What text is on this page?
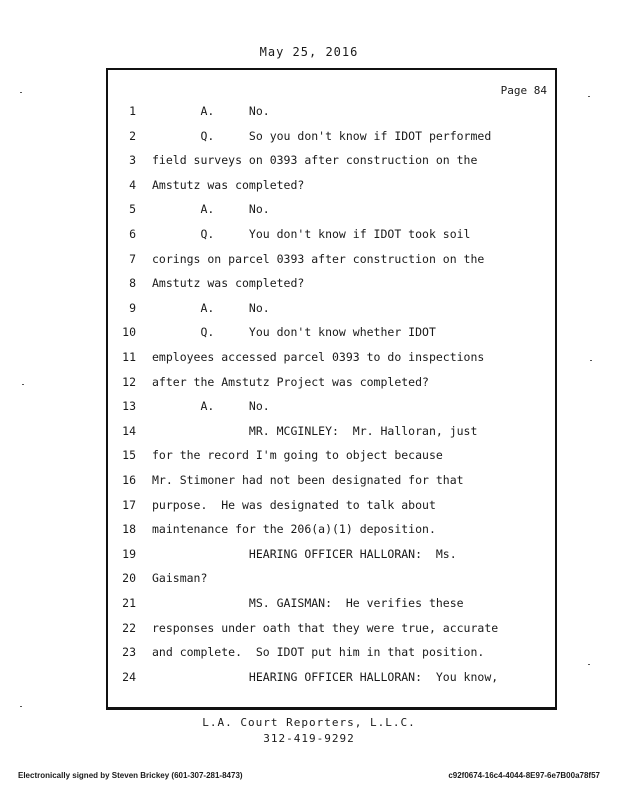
May 25, 2016
Page 84
1 A.     No.
2 Q.     So you don't know if IDOT performed
3 field surveys on 0393 after construction on the
4 Amstutz was completed?
5 A.     No.
6 Q.     You don't know if IDOT took soil
7 corings on parcel 0393 after construction on the
8 Amstutz was completed?
9 A.     No.
10 Q.     You don't know whether IDOT
11 employees accessed parcel 0393 to do inspections
12 after the Amstutz Project was completed?
13 A.     No.
14 MR. MCGINLEY:  Mr. Halloran, just
15 for the record I'm going to object because
16 Mr. Stimoner had not been designated for that
17 purpose.  He was designated to talk about
18 maintenance for the 206(a)(1) deposition.
19 HEARING OFFICER HALLORAN:  Ms.
20 Gaisman?
21 MS. GAISMAN:  He verifies these
22 responses under oath that they were true, accurate
23 and complete.  So IDOT put him in that position.
24 HEARING OFFICER HALLORAN:  You know,
L.A. Court Reporters, L.L.C.
312-419-9292
Electronically signed by Steven Brickey (601-307-281-8473)	c92f0674-16c4-4044-8E97-6e7B00a78f57
